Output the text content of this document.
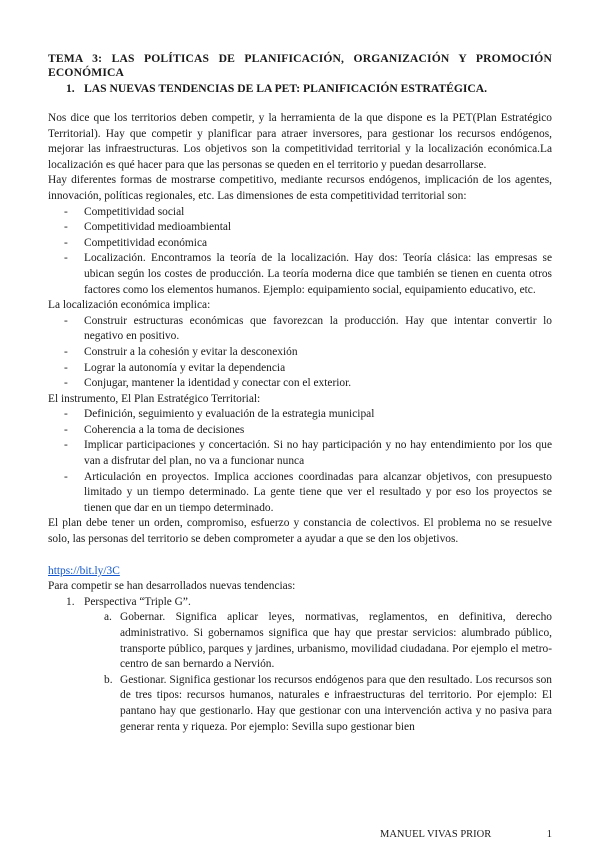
TEMA 3: LAS POLÍTICAS DE PLANIFICACIÓN, ORGANIZACIÓN Y PROMOCIÓN ECONÓMICA
1. LAS NUEVAS TENDENCIAS DE LA PET: PLANIFICACIÓN ESTRATÉGICA.

Nos dice que los territorios deben competir, y la herramienta de la que dispone es la PET(Plan Estratégico Territorial). Hay que competir y planificar para atraer inversores, para gestionar los recursos endógenos, mejorar las infraestructuras. Los objetivos son la competitividad territorial y la localización económica.La localización es qué hacer para que las personas se queden en el territorio y puedan desarrollarse.

Hay diferentes formas de mostrarse competitivo, mediante recursos endógenos, implicación de los agentes, innovación, políticas regionales, etc. Las dimensiones de esta competitividad territorial son:

- Competitividad social
- Competitividad medioambiental
- Competitividad económica
- Localización. Encontramos la teoría de la localización. Hay dos: Teoría clásica: las empresas se ubican según los costes de producción. La teoría moderna dice que también se tienen en cuenta otros factores como los elementos humanos. Ejemplo: equipamiento social, equipamiento educativo, etc.

La localización económica implica:

- Construir estructuras económicas que favorezcan la producción. Hay que intentar convertir lo negativo en positivo.
- Construir a la cohesión y evitar la desconexión
- Lograr la autonomía y evitar la dependencia
- Conjugar, mantener la identidad y conectar con el exterior.

El instrumento, El Plan Estratégico Territorial:

- Definición, seguimiento y evaluación de la estrategia municipal
- Coherencia a la toma de decisiones
- Implicar participaciones y concertación. Si no hay participación y no hay entendimiento por los que van a disfrutar del plan, no va a funcionar nunca
- Articulación en proyectos. Implica acciones coordinadas para alcanzar objetivos, con presupuesto limitado y un tiempo determinado. La gente tiene que ver el resultado y por eso los proyectos se tienen que dar en un tiempo determinado.

El plan debe tener un orden, compromiso, esfuerzo y constancia de colectivos. El problema no se resuelve solo, las personas del territorio se deben comprometer a ayudar a que se den los objetivos.

https://bit.ly/3C

Para competir se han desarrollados nuevas tendencias:

1. Perspectiva “Triple G”.
a. Gobernar. Significa aplicar leyes, normativas, reglamentos, en definitiva, derecho administrativo. Si gobernamos significa que hay que prestar servicios: alumbrado público, transporte público, parques y jardines, urbanismo, movilidad ciudadana. Por ejemplo el metro-centro de san bernardo a Nervión.
b. Gestionar. Significa gestionar los recursos endógenos para que den resultado. Los recursos son de tres tipos: recursos humanos, naturales e infraestructuras del territorio. Por ejemplo: El pantano hay que gestionarlo. Hay que gestionar con una intervención activa y no pasiva para generar renta y riqueza. Por ejemplo: Sevilla supo gestionar bien
MANUEL VIVAS PRIOR	1
